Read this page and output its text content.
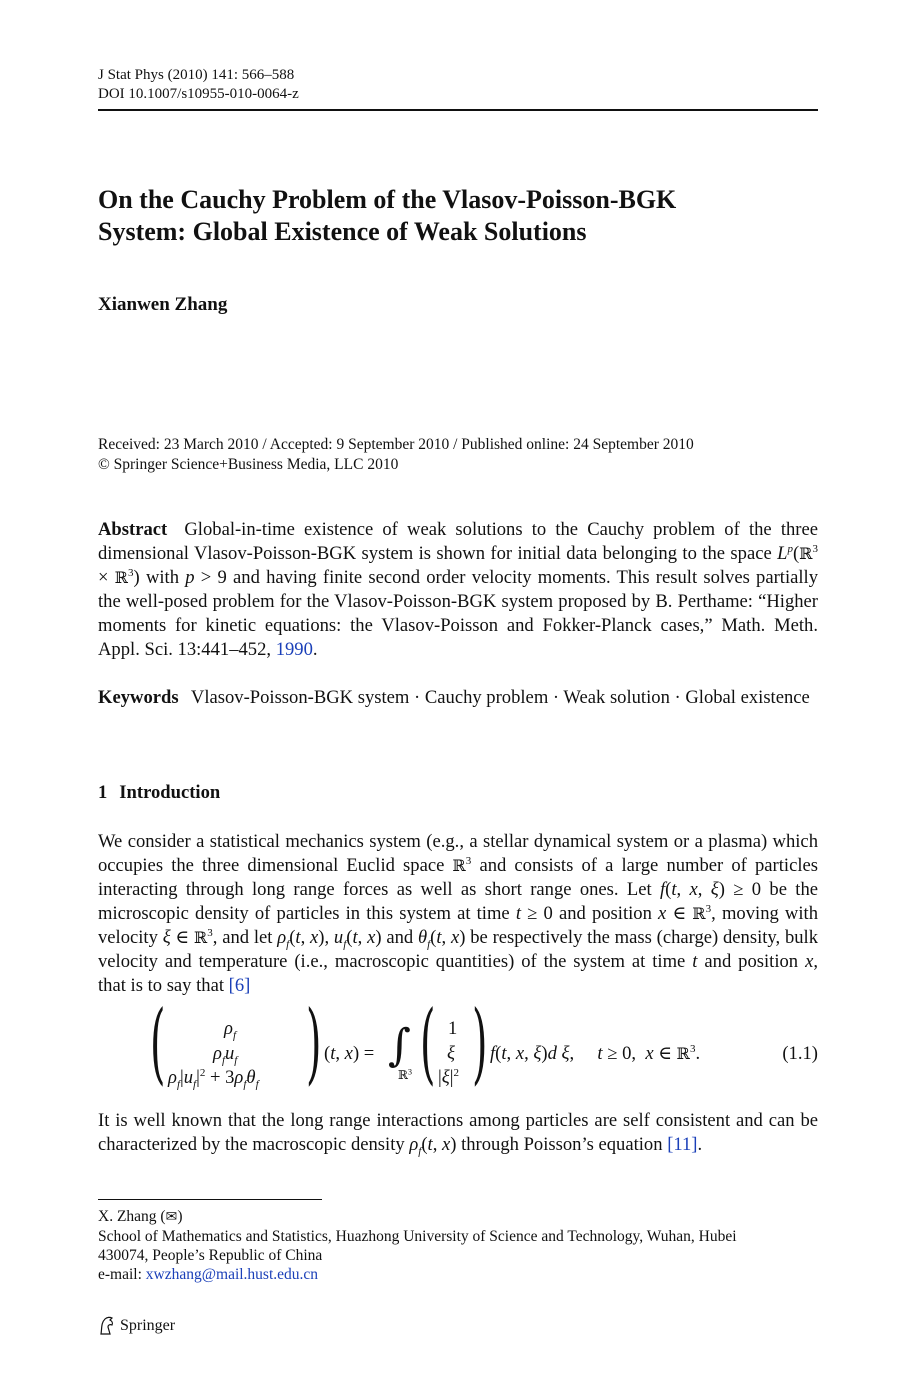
J Stat Phys (2010) 141: 566–588
DOI 10.1007/s10955-010-0064-z
On the Cauchy Problem of the Vlasov-Poisson-BGK
System: Global Existence of Weak Solutions
Xianwen Zhang
Received: 23 March 2010 / Accepted: 9 September 2010 / Published online: 24 September 2010
© Springer Science+Business Media, LLC 2010
Abstract Global-in-time existence of weak solutions to the Cauchy problem of the three dimensional Vlasov-Poisson-BGK system is shown for initial data belonging to the space $L^p(ℝ^3$ × ℝ$^3$) with p > 9 and having finite second order velocity moments. This result solves partially the well-posed problem for the Vlasov-Poisson-BGK system proposed by B. Perthame: “Higher moments for kinetic equations: the Vlasov-Poisson and Fokker-Planck cases,” Math. Meth. Appl. Sci. 13:441–452, 1990.
Keywords Vlasov-Poisson-BGK system · Cauchy problem · Weak solution · Global existence
1 Introduction
We consider a statistical mechanics system (e.g., a stellar dynamical system or a plasma) which occupies the three dimensional Euclid space ℝ$^3$ and consists of a large number of particles interacting through long range forces as well as short range ones. Let f(t, x, ξ) ≥ 0 be the microscopic density of particles in this system at time t ≥ 0 and position x ∈ ℝ$^3$, moving with velocity ξ ∈ ℝ$^3$, and let $\rho_f(t$, x), $u_f(t$, x) and $\theta_f(t$, x) be respectively the mass (charge) density, bulk velocity and temperature (i.e., macroscopic quantities) of the system at time t and position x, that is to say that [6]
(	$\rho_f$
$\rho_fu_f$
$\rho_f|u_f|^2 + 3\rho_f\theta_f$ ) (t, x) = ∫
ℝ$^3$ ( 1
ξ
$|\xi|^2$ ) f(t, x, ξ)d ξ,     t ≥ 0,  x ∈ ℝ$^3$.	(1.1)
It is well known that the long range interactions among particles are self consistent and can be characterized by the macroscopic density $\rho_f(t$, x) through Poisson’s equation [11].
X. Zhang (✉)
School of Mathematics and Statistics, Huazhong University of Science and Technology, Wuhan, Hubei
430074, People’s Republic of China
e-mail: xwzhang@mail.hust.edu.cn
Springer
